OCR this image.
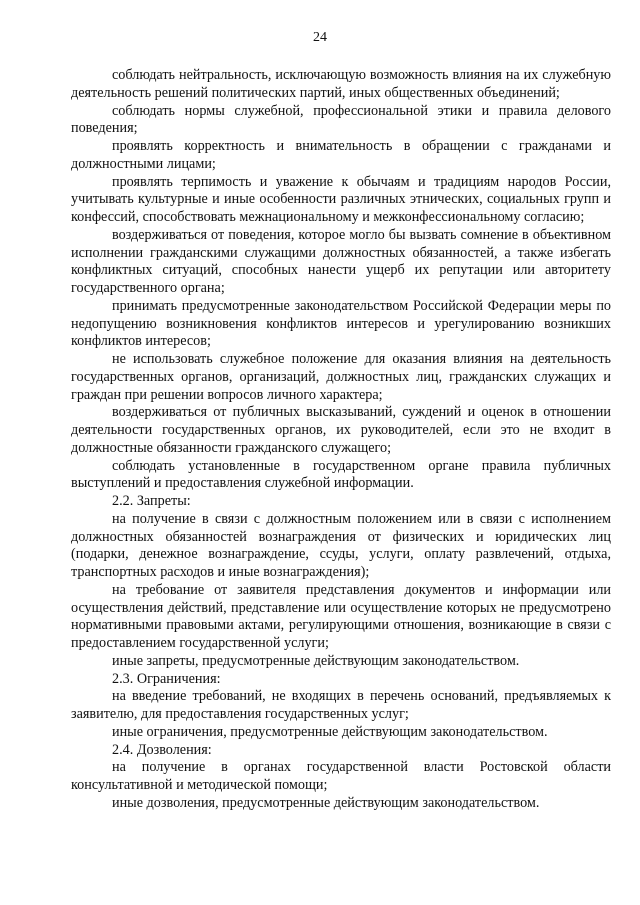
24

соблюдать нейтральность, исключающую возможность влияния на их служебную деятельность решений политических партий, иных общественных объединений;

соблюдать нормы служебной, профессиональной этики и правила делового поведения;

проявлять корректность и внимательность в обращении с гражданами и должностными лицами;

проявлять терпимость и уважение к обычаям и традициям народов России, учитывать культурные и иные особенности различных этнических, социальных групп и конфессий, способствовать межнациональному и межконфессиональному согласию;

воздерживаться от поведения, которое могло бы вызвать сомнение в объективном исполнении гражданскими служащими должностных обязанностей, а также избегать конфликтных ситуаций, способных нанести ущерб их репутации или авторитету государственного органа;

принимать предусмотренные законодательством Российской Федерации меры по недопущению возникновения конфликтов интересов и урегулированию возникших конфликтов интересов;

не использовать служебное положение для оказания влияния на деятельность государственных органов, организаций, должностных лиц, гражданских служащих и граждан при решении вопросов личного характера;

воздерживаться от публичных высказываний, суждений и оценок в отношении деятельности государственных органов, их руководителей, если это не входит в должностные обязанности гражданского служащего;

соблюдать установленные в государственном органе правила публичных выступлений и предоставления служебной информации.

2.2. Запреты:

на получение в связи с должностным положением или в связи с исполнением должностных обязанностей вознаграждения от физических и юридических лиц (подарки, денежное вознаграждение, ссуды, услуги, оплату развлечений, отдыха, транспортных расходов и иные вознаграждения);

на требование от заявителя представления документов и информации или осуществления действий, представление или осуществление которых не предусмотрено нормативными правовыми актами, регулирующими отношения, возникающие в связи с предоставлением государственной услуги;

иные запреты, предусмотренные действующим законодательством.

2.3. Ограничения:

на введение требований, не входящих в перечень оснований, предъявляемых к заявителю, для предоставления государственных услуг;

иные ограничения, предусмотренные действующим законодательством.

2.4. Дозволения:

на получение в органах государственной власти Ростовской области консультативной и методической помощи;

иные дозволения, предусмотренные действующим законодательством.
